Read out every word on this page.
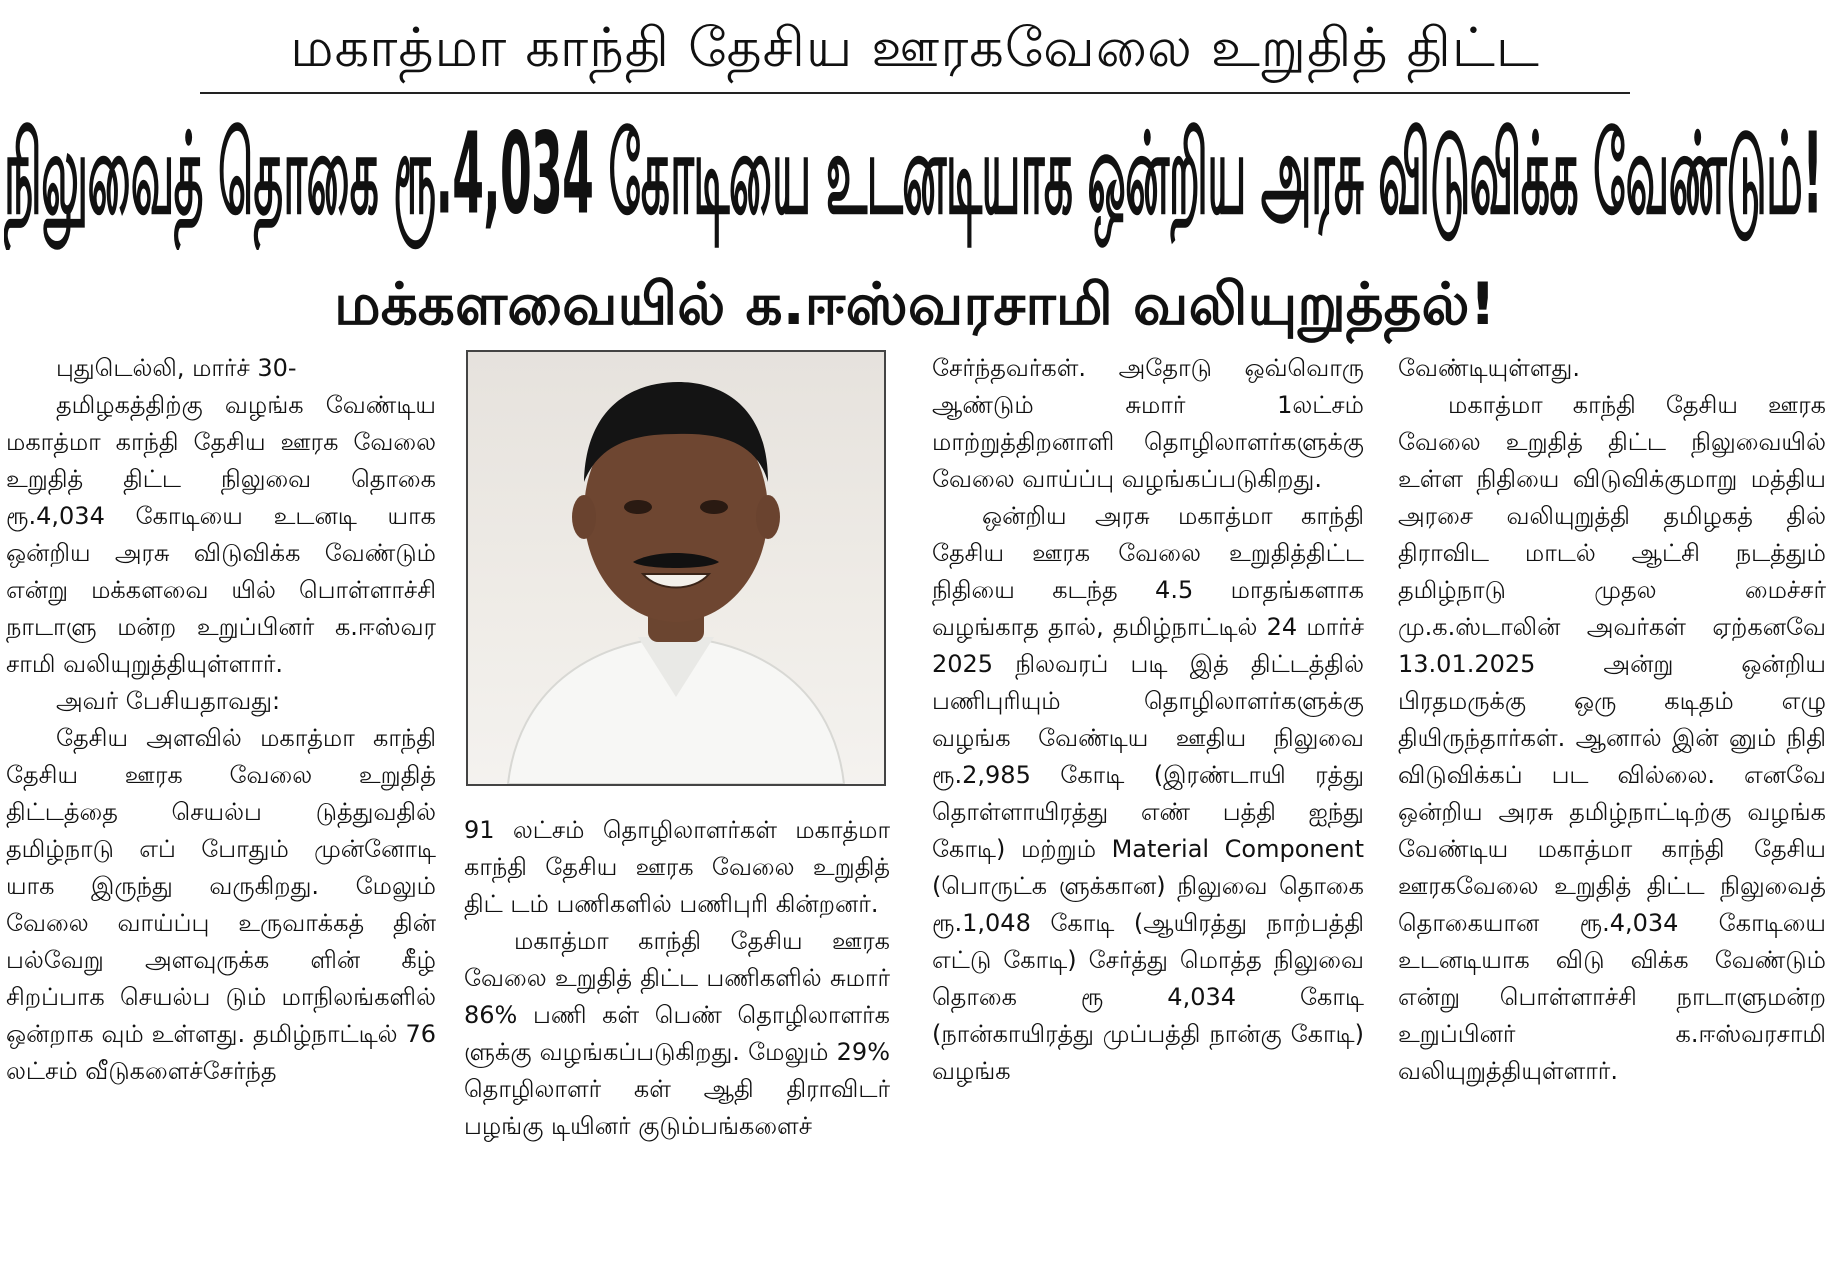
மகாத்மா காந்தி தேசிய ஊரகவேலை உறுதித் திட்ட
நிலுவைத் தொகை ரூ.4,034 கோடியை உடனடியாக ஒன்றிய அரசு விடுவிக்க வேண்டும்!
மக்களவையில் க.ஈஸ்வரசாமி வலியுறுத்தல்!

புதுடெல்லி, மார்ச் 30-

தமிழகத்திற்கு வழங்க வேண்டிய மகாத்மா காந்தி தேசிய ஊரக வேலை உறுதித் திட்ட நிலுவை தொகை ரூ.4,034 கோடியை உடனடி யாக ஒன்றிய அரசு விடுவிக்க வேண்டும் என்று மக்களவை யில் பொள்ளாச்சி நாடாளு மன்ற உறுப்பினர் க.ஈஸ்வர சாமி வலியுறுத்தியுள்ளார்.

அவர் பேசியதாவது:

தேசிய அளவில் மகாத்மா காந்தி தேசிய ஊரக வேலை உறுதித் திட்டத்தை செயல்ப டுத்துவதில் தமிழ்நாடு எப் போதும் முன்னோடி யாக இருந்து வருகிறது. மேலும் வேலை வாய்ப்பு உருவாக்கத் தின் பல்வேறு அளவுருக்க ளின் கீழ் சிறப்பாக செயல்ப டும் மாநிலங்களில் ஒன்றாக வும் உள்ளது. தமிழ்நாட்டில் 76 லட்சம் வீடுகளைச்சேர்ந்த

91 லட்சம் தொழிலாளர்கள் மகாத்மா காந்தி தேசிய ஊரக வேலை உறுதித் திட் டம் பணிகளில் பணிபுரி கின்றனர்.

மகாத்மா காந்தி தேசிய ஊரக வேலை உறுதித் திட்ட பணிகளில் சுமார் 86% பணி கள் பெண் தொழிலாளர்க ளுக்கு வழங்கப்படுகிறது. மேலும் 29% தொழிலாளர் கள் ஆதி திராவிடர் பழங்கு டியினர் குடும்பங்களைச்

சேர்ந்தவர்கள். அதோடு ஒவ்வொரு ஆண்டும் சுமார் 1லட்சம் மாற்றுத்திறனாளி தொழிலாளர்களுக்கு வேலை வாய்ப்பு வழங்கப்படுகிறது.

ஒன்றிய அரசு மகாத்மா காந்தி தேசிய ஊரக வேலை உறுதித்திட்ட நிதியை கடந்த 4.5 மாதங்களாக வழங்காத தால், தமிழ்நாட்டில் 24 மார்ச் 2025 நிலவரப் படி இத் திட்டத்தில் பணிபுரியும் தொழிலாளர்களுக்கு வழங்க வேண்டிய ஊதிய நிலுவை ரூ.2,985 கோடி (இரண்டாயி ரத்து தொள்ளாயிரத்து எண் பத்தி ஐந்து கோடி) மற்றும் Material Component (பொருட்க ளுக்கான) நிலுவை தொகை ரூ.1,048 கோடி (ஆயிரத்து நாற்பத்தி எட்டு கோடி) சேர்த்து மொத்த நிலுவை தொகை ரூ 4,034 கோடி (நான்காயிரத்து முப்பத்தி நான்கு கோடி) வழங்க

வேண்டியுள்ளது.

மகாத்மா காந்தி தேசிய ஊரக வேலை உறுதித் திட்ட நிலுவையில் உள்ள நிதியை விடுவிக்குமாறு மத்திய அரசை வலியுறுத்தி தமிழகத் தில் திராவிட மாடல் ஆட்சி நடத்தும் தமிழ்நாடு முதல மைச்சர் மு.க.ஸ்டாலின் அவர்கள் ஏற்கனவே 13.01.2025 அன்று ஒன்றிய பிரதமருக்கு ஒரு கடிதம் எழு தியிருந்தார்கள். ஆனால் இன் னும் நிதி விடுவிக்கப் பட வில்லை. எனவே ஒன்றிய அரசு தமிழ்நாட்டிற்கு வழங்க வேண்டிய மகாத்மா காந்தி தேசிய ஊரகவேலை உறுதித் திட்ட நிலுவைத் தொகையான ரூ.4,034 கோடியை உடனடியாக விடு விக்க வேண்டும் என்று பொள்ளாச்சி நாடாளுமன்ற உறுப்பினர் க.ஈஸ்வரசாமி வலியுறுத்தியுள்ளார்.
